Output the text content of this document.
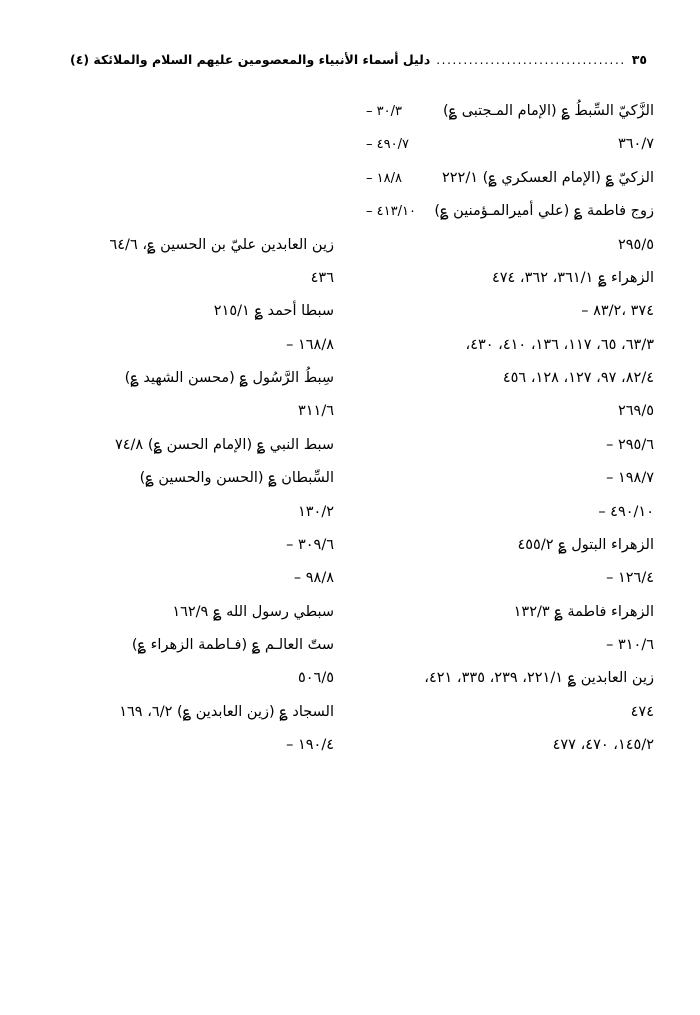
دليل أسماء الأنبياء والمعصومين عليهم السلام والملائكة (٤) ................................... ٣٥
الزَّكيّ السِّبطُ ؏ (الإمام المـجتبى ؏)
٣٠/٣ –
٣٦٠/٧
٤٩٠/٧ –
الزكيّ ؏ (الإمام العسكري ؏) ٢٢٢/١
١٨/٨ –
زوج فاطمة ؏ (علي أميرالمـؤمنين ؏)
٤١٣/١٠ –
٢٩٥/٥
زين العابدين عليّ بن الحسين ؏، ٦٤/٦
الزهراء ؏ ٣٦١/١، ٣٦٢، ٤٧٤
٤٣٦
٣٧٤ ،٨٣/٢ –
سبطا أحمد ؏ ٢١٥/١
٦٣/٣، ٦٥، ١١٧، ١٣٦، ٤١٠، ٤٣٠،
١٦٨/٨ –
٨٢/٤، ٩٧، ١٢٧، ١٢٨، ٤٥٦
سِبطُ الرَّسُول ؏ (محسن الشهيد ؏)
٢٦٩/٥
٣١١/٦
٢٩٥/٦ –
سبط النبي ؏ (الإمام الحسن ؏) ٧٤/٨
١٩٨/٧ –
السِّبطان ؏ (الحسن والحسين ؏)
٤٩٠/١٠ –
١٣٠/٢
الزهراء البتول ؏ ٤٥٥/٢
٣٠٩/٦ –
١٢٦/٤ –
٩٨/٨ –
الزهراء فاطمة ؏ ١٣٢/٣
سبطي رسول الله ؏ ١٦٢/٩
٣١٠/٦ –
ستّ العالـم ؏ (فـاطمة الزهراء ؏)
زين العابدين ؏ ٢٢١/١، ٢٣٩، ٣٣٥، ٤٢١،
٥٠٦/٥
٤٧٤
السجاد ؏ (زين العابدين ؏) ٦/٢، ١٦٩
١٤٥/٢، ٤٧٠، ٤٧٧
١٩٠/٤ –
